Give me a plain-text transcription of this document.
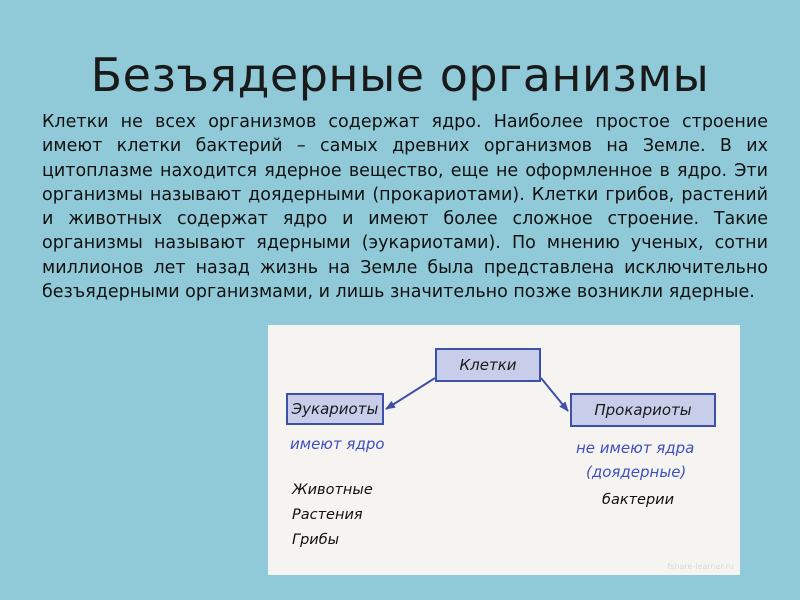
Безъядерные организмы

Клетки не всех организмов содержат ядро. Наиболее простое строение имеют клетки бактерий – самых древних организмов на Земле. В их цитоплазме находится ядерное вещество, еще не оформленное в ядро. Эти организмы называют доядерными (прокариотами). Клетки грибов, растений и животных содержат ядро и имеют более сложное строение. Такие организмы называют ядерными (эукариотами). По мнению ученых, сотни миллионов лет назад жизнь на Земле была представлена исключительно безъядерными организмами, и лишь значительно позже возникли ядерные.

Клетки
Эукариоты	Прокариоты
имеют ядро
Животные
Растения
Грибы
не имеют ядра
(доядерные)
бактерии
fshare-learner.ru
